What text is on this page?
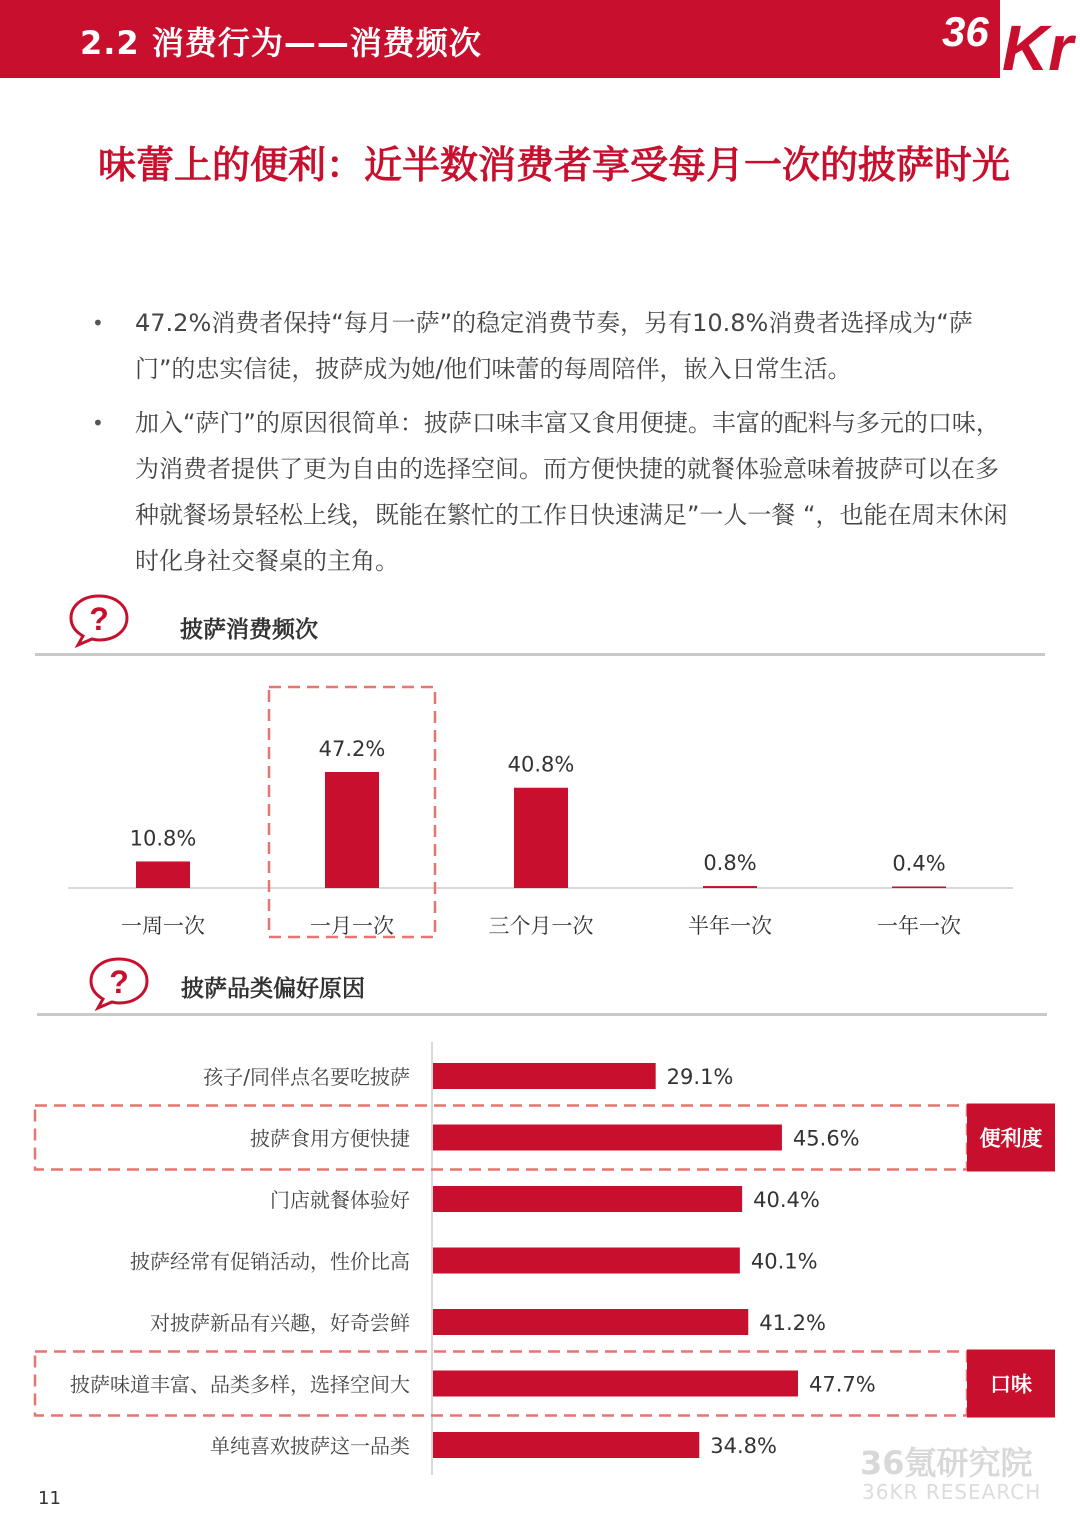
2.2 消费行为——消费频次	36 Kr
味蕾上的便利：近半数消费者享受每月一次的披萨时光
• 47.2%消费者保持“每月一萨”的稳定消费节奏，另有10.8%消费者选择成为“萨门”的忠实信徒，披萨成为她/他们味蕾的每周陪伴，嵌入日常生活。
• 加入“萨门”的原因很简单：披萨口味丰富又食用便捷。丰富的配料与多元的口味，为消费者提供了更为自由的选择空间。而方便快捷的就餐体验意味着披萨可以在多种就餐场景轻松上线，既能在繁忙的工作日快速满足”一人一餐 “，也能在周末休闲时化身社交餐桌的主角。
?	披萨消费频次
10.8%
一周一次
47.2%
一月一次
40.8%
三个月一次
0.8%
半年一次
0.4%
一年一次
? 披萨品类偏好原因
29.1%
孩子/同伴点名要吃披萨
45.6%
披萨食用方便快捷
40.4%
门店就餐体验好
40.1%
披萨经常有促销活动，性价比高
41.2%
对披萨新品有兴趣，好奇尝鲜
47.7%
披萨味道丰富、品类多样，选择空间大
34.8%
单纯喜欢披萨这一品类
便利度
口味
11
36氪研究院
36KR RESEARCH
